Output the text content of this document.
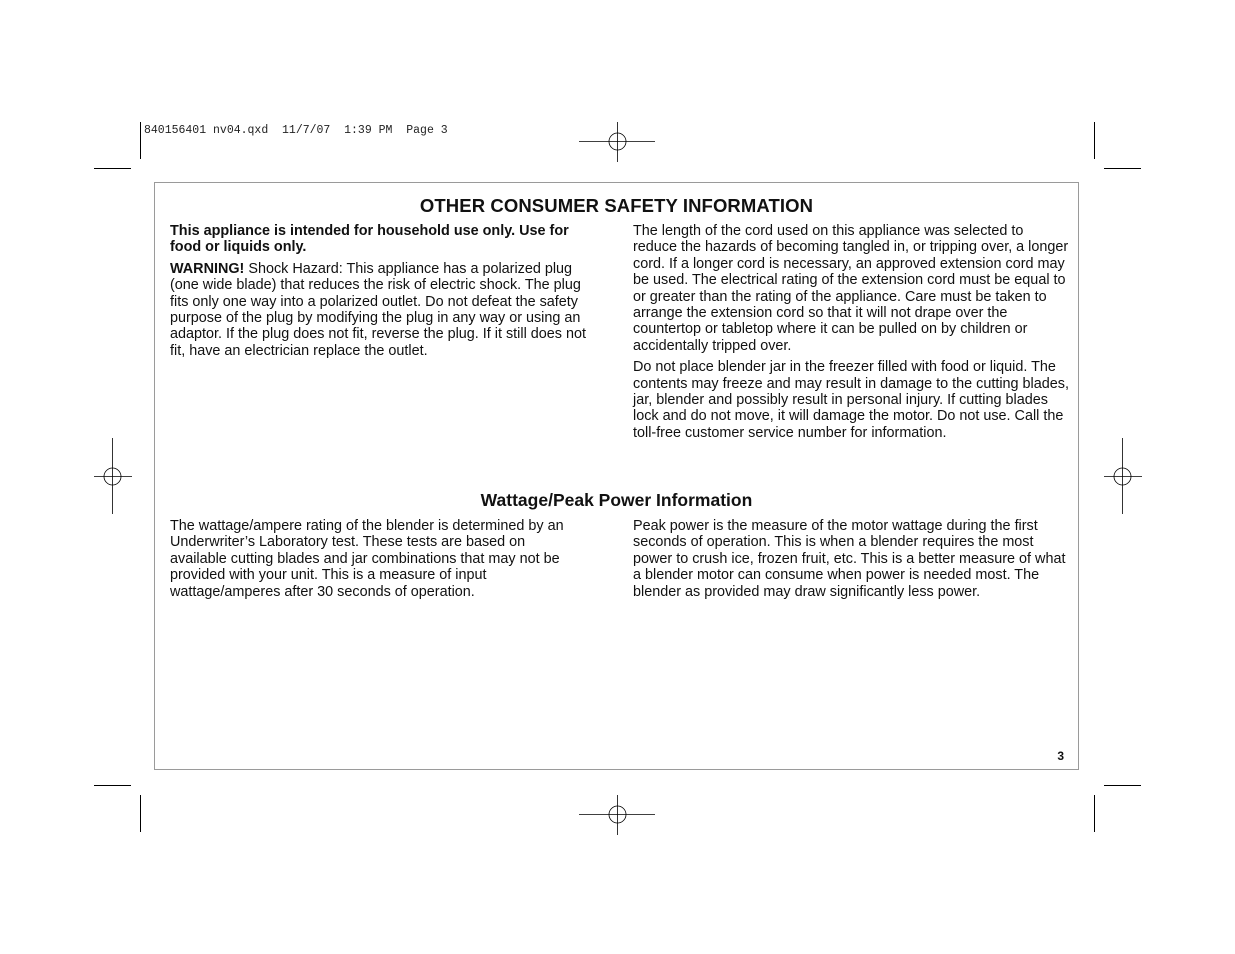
840156401 nv04.qxd  11/7/07  1:39 PM  Page 3
OTHER CONSUMER SAFETY INFORMATION

This appliance is intended for household use only. Use for food or liquids only.

WARNING! Shock Hazard: This appliance has a polarized plug (one wide blade) that reduces the risk of electric shock. The plug fits only one way into a polarized outlet. Do not defeat the safety purpose of the plug by modifying the plug in any way or using an adaptor. If the plug does not fit, reverse the plug. If it still does not fit, have an electrician replace the outlet.

The length of the cord used on this appliance was selected to reduce the hazards of becoming tangled in, or tripping over, a longer cord. If a longer cord is necessary, an approved extension cord may be used. The electrical rating of the extension cord must be equal to or greater than the rating of the appliance. Care must be taken to arrange the extension cord so that it will not drape over the countertop or tabletop where it can be pulled on by children or accidentally tripped over.

Do not place blender jar in the freezer filled with food or liquid. The contents may freeze and may result in damage to the cutting blades, jar, blender and possibly result in personal injury. If cutting blades lock and do not move, it will damage the motor. Do not use. Call the toll-free customer service number for information.

Wattage/Peak Power Information

The wattage/ampere rating of the blender is determined by an Underwriter’s Laboratory test. These tests are based on available cutting blades and jar combinations that may not be provided with your unit. This is a measure of input wattage/amperes after 30 seconds of operation.

Peak power is the measure of the motor wattage during the first seconds of operation. This is when a blender requires the most power to crush ice, frozen fruit, etc. This is a better measure of what a blender motor can consume when power is needed most. The blender as provided may draw significantly less power.

3
